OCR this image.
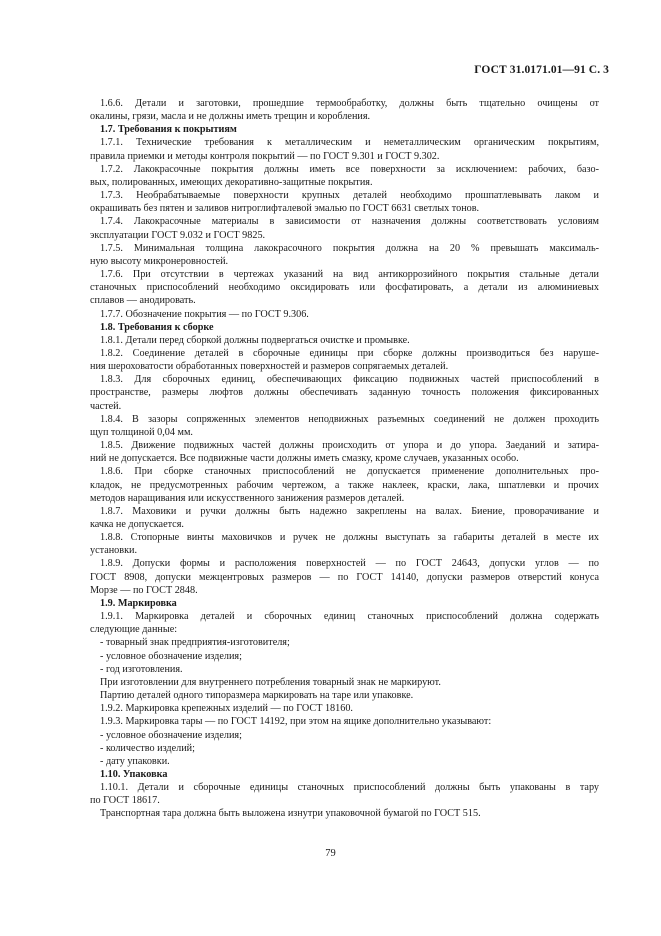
ГОСТ 31.0171.01—91 С. 3
1.6.6. Детали и заготовки, прошедшие термообработку, должны быть тщательно очищены от
окалины, грязи, масла и не должны иметь трещин и коробления.
1.7. Требования к покрытиям
1.7.1. Технические требования к металлическим и неметаллическим органическим покрытиям,
правила приемки и методы контроля покрытий — по ГОСТ 9.301 и ГОСТ 9.302.
1.7.2. Лакокрасочные покрытия должны иметь все поверхности за исключением: рабочих, базо-
вых, полированных, имеющих декоративно-защитные покрытия.
1.7.3. Необрабатываемые поверхности крупных деталей необходимо прошпатлевывать лаком и
окрашивать без пятен и заливов нитроглифталевой эмалью по ГОСТ 6631 светлых тонов.
1.7.4. Лакокрасочные материалы в зависимости от назначения должны соответствовать условиям
эксплуатации ГОСТ 9.032 и ГОСТ 9825.
1.7.5. Минимальная толщина лакокрасочного покрытия должна на 20 % превышать максималь-
ную высоту микронеровностей.
1.7.6. При отсутствии в чертежах указаний на вид антикоррозийного покрытия стальные детали
станочных приспособлений необходимо оксидировать или фосфатировать, а детали из алюминиевых
сплавов — анодировать.
1.7.7. Обозначение покрытия — по ГОСТ 9.306.
1.8. Требования к сборке
1.8.1. Детали перед сборкой должны подвергаться очистке и промывке.
1.8.2. Соединение деталей в сборочные единицы при сборке должны производиться без наруше-
ния шероховатости обработанных поверхностей и размеров сопрягаемых деталей.
1.8.3. Для сборочных единиц, обеспечивающих фиксацию подвижных частей приспособлений в
пространстве, размеры люфтов должны обеспечивать заданную точность положения фиксированных
частей.
1.8.4. В зазоры сопряженных элементов неподвижных разъемных соединений не должен проходить
щуп толщиной 0,04 мм.
1.8.5. Движение подвижных частей должны происходить от упора и до упора. Заеданий и затира-
ний не допускается. Все подвижные части должны иметь смазку, кроме случаев, указанных особо.
1.8.6. При сборке станочных приспособлений не допускается применение дополнительных про-
кладок, не предусмотренных рабочим чертежом, а также наклеек, краски, лака, шпатлевки и прочих
методов наращивания или искусственного занижения размеров деталей.
1.8.7. Маховики и ручки должны быть надежно закреплены на валах. Биение, проворачивание и
качка не допускается.
1.8.8. Стопорные винты маховичков и ручек не должны выступать за габариты деталей в месте их
установки.
1.8.9. Допуски формы и расположения поверхностей — по ГОСТ 24643, допуски углов — по
ГОСТ 8908, допуски межцентровых размеров — по ГОСТ 14140, допуски размеров отверстий конуса
Морзе — по ГОСТ 2848.
1.9. Маркировка
1.9.1. Маркировка деталей и сборочных единиц станочных приспособлений должна содержать
следующие данные:
- товарный знак предприятия-изготовителя;
- условное обозначение изделия;
- год изготовления.
При изготовлении для внутреннего потребления товарный знак не маркируют.
Партию деталей одного типоразмера маркировать на таре или упаковке.
1.9.2. Маркировка крепежных изделий — по ГОСТ 18160.
1.9.3. Маркировка тары — по ГОСТ 14192, при этом на ящике дополнительно указывают:
- условное обозначение изделия;
- количество изделий;
- дату упаковки.
1.10. Упаковка
1.10.1. Детали и сборочные единицы станочных приспособлений должны быть упакованы в тару
по ГОСТ 18617.
Транспортная тара должна быть выложена изнутри упаковочной бумагой по ГОСТ 515.
79
